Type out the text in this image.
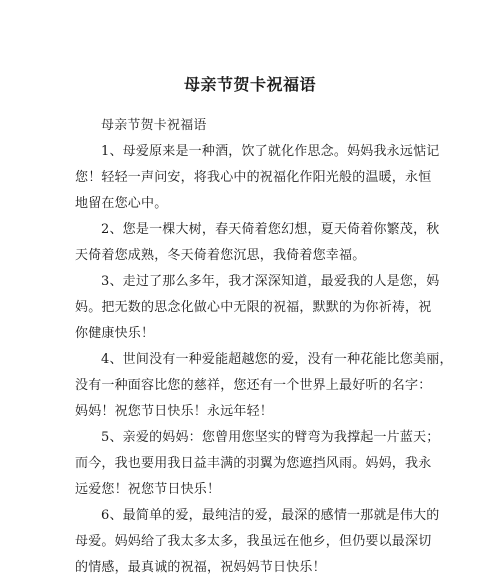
母亲节贺卡祝福语

母亲节贺卡祝福语

1、母爱原来是一种酒，饮了就化作思念。妈妈我永远惦记

您！轻轻一声问安，将我心中的祝福化作阳光般的温暖，永恒

地留在您心中。

2、您是一棵大树，春天倚着您幻想，夏天倚着你繁茂，秋

天倚着您成熟，冬天倚着您沉思，我倚着您幸福。

3、走过了那么多年，我才深深知道，最爱我的人是您，妈

妈。把无数的思念化做心中无限的祝福，默默的为你祈祷，祝

你健康快乐！

4、世间没有一种爱能超越您的爱，没有一种花能比您美丽，

没有一种面容比您的慈祥，您还有一个世界上最好听的名字：

妈妈！祝您节日快乐！永远年轻！

5、亲爱的妈妈：您曾用您坚实的臂弯为我撑起一片蓝天；

而今，我也要用我日益丰满的羽翼为您遮挡风雨。妈妈，我永

远爱您！祝您节日快乐！

6、最简单的爱，最纯洁的爱，最深的感情一那就是伟大的

母爱。妈妈给了我太多太多，我虽远在他乡，但仍要以最深切

的情感，最真诚的祝福，祝妈妈节日快乐！
